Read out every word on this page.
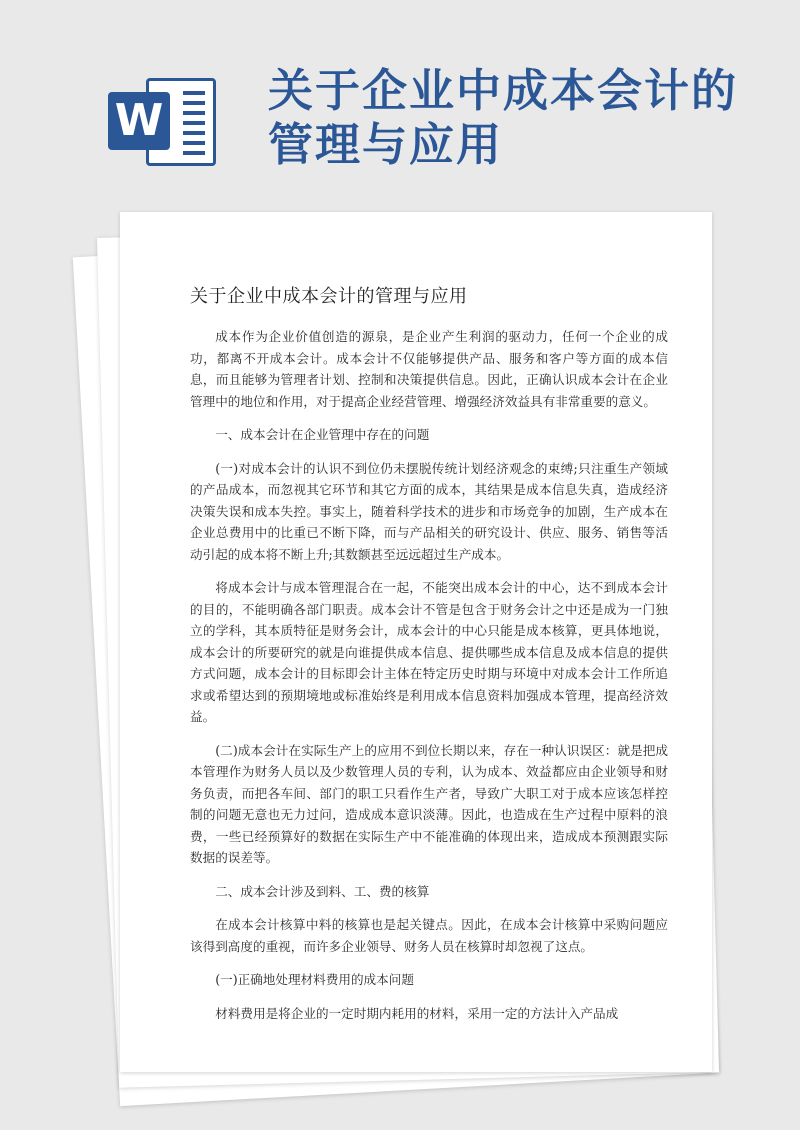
W
关于企业中成本会计的管理与应用
关于企业中成本会计的管理与应用

成本作为企业价值创造的源泉，是企业产生利润的驱动力，任何一个企业的成功，都离不开成本会计。成本会计不仅能够提供产品、服务和客户等方面的成本信息，而且能够为管理者计划、控制和决策提供信息。因此，正确认识成本会计在企业管理中的地位和作用，对于提高企业经营管理、增强经济效益具有非常重要的意义。

一、成本会计在企业管理中存在的问题

(一)对成本会计的认识不到位仍未摆脱传统计划经济观念的束缚;只注重生产领域的产品成本，而忽视其它环节和其它方面的成本，其结果是成本信息失真，造成经济决策失误和成本失控。事实上，随着科学技术的进步和市场竞争的加剧，生产成本在企业总费用中的比重已不断下降，而与产品相关的研究设计、供应、服务、销售等活动引起的成本将不断上升;其数额甚至远远超过生产成本。

将成本会计与成本管理混合在一起，不能突出成本会计的中心，达不到成本会计的目的，不能明确各部门职责。成本会计不管是包含于财务会计之中还是成为一门独立的学科，其本质特征是财务会计，成本会计的中心只能是成本核算，更具体地说，成本会计的所要研究的就是向谁提供成本信息、提供哪些成本信息及成本信息的提供方式问题，成本会计的目标即会计主体在特定历史时期与环境中对成本会计工作所追求或希望达到的预期境地或标准始终是利用成本信息资料加强成本管理，提高经济效益。

(二)成本会计在实际生产上的应用不到位长期以来，存在一种认识误区：就是把成本管理作为财务人员以及少数管理人员的专利，认为成本、效益都应由企业领导和财务负责，而把各车间、部门的职工只看作生产者，导致广大职工对于成本应该怎样控制的问题无意也无力过问，造成成本意识淡薄。因此，也造成在生产过程中原料的浪费，一些已经预算好的数据在实际生产中不能准确的体现出来，造成成本预测跟实际数据的误差等。

二、成本会计涉及到料、工、费的核算

在成本会计核算中料的核算也是起关键点。因此，在成本会计核算中采购问题应该得到高度的重视，而许多企业领导、财务人员在核算时却忽视了这点。

(一)正确地处理材料费用的成本问题

材料费用是将企业的一定时期内耗用的材料，采用一定的方法计入产品成
